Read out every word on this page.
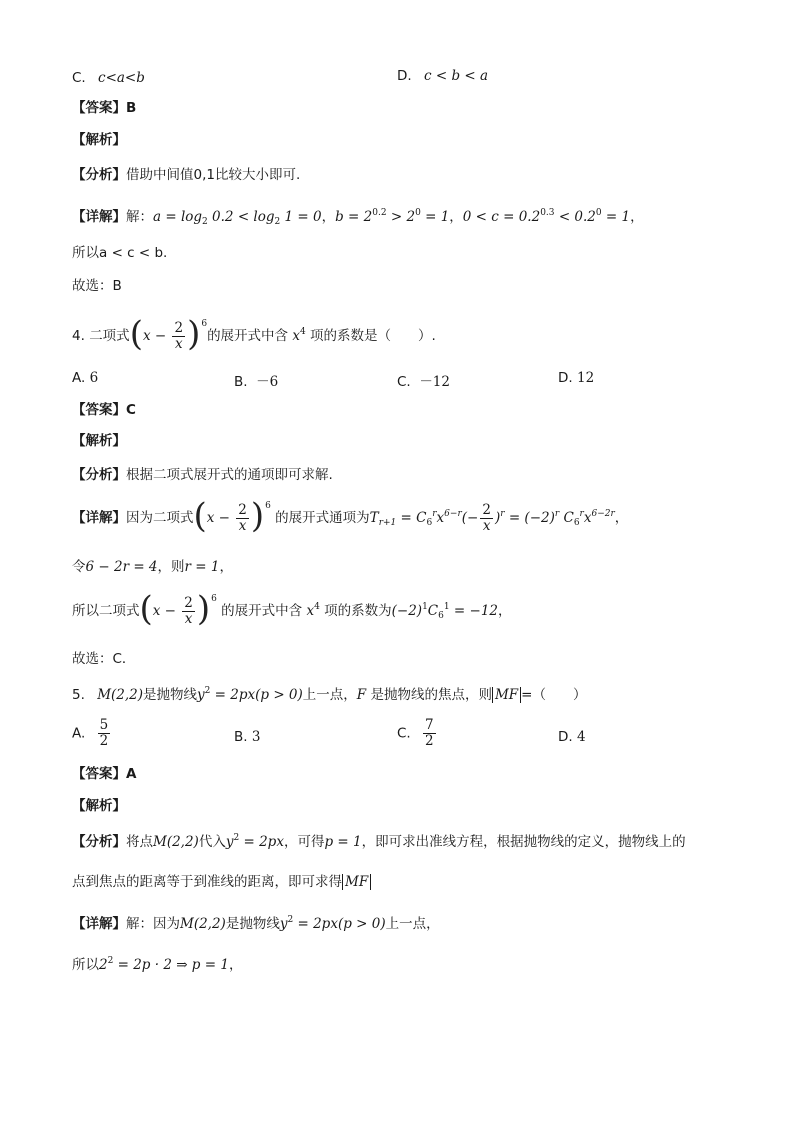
C. c<a<b	D. c < b < a
【答案】B
【解析】
【分析】借助中间值0,1比较大小即可.
【详解】解：$a = \log_2 0.2 < \log_2 1 = 0$，$b = 2^{0.2} > 2^0 = 1$，$0 < c = 0.2^{0.3} < 0.2^0 = 1$，
所以a < c < b.
故选：B
4. 二项式$(x - \frac{2}{x} )^6$的展开式中含 $x^4$ 项的系数是（　　）.
A. 6	B. －6	C. －12	D. 12
【答案】C
【解析】
【分析】根据二项式展开式的通项即可求解.
【详解】因为二项式$(x - \frac{2}{x} )^6$ 的展开式通项为$T_{r+1} = C_6^rx^{6-r}(- \frac{2}{x} )^r = (-2)^r$ $C_6^rx^{6-2r}$，
令6 − 2r = 4，则r = 1，
所以二项式$(x - \frac{2}{x} )^6$ 的展开式中含 $x^4$ 项的系数为$(-2)^1C_6^1 = -12$，
故选：C．
5. M(2,2)是抛物线$y^2 = 2px(p > 0)$上一点，F 是抛物线的焦点，则 MF =（　　）
A. $\frac{5}{2}$	B. 3	C. $\frac{7}{2}$	D. 4
【答案】A
【解析】
【分析】将点M(2,2)代入$y^2 = 2px$，可得p = 1，即可求出准线方程，根据抛物线的定义，抛物线上的
点到焦点的距离等于到准线的距离，即可求得 MF
【详解】解：因为M(2,2)是抛物线$y^2 = 2px(p > 0)$上一点，
所以$2^2 = 2p \cdot 2$ ⇒ p = 1，
